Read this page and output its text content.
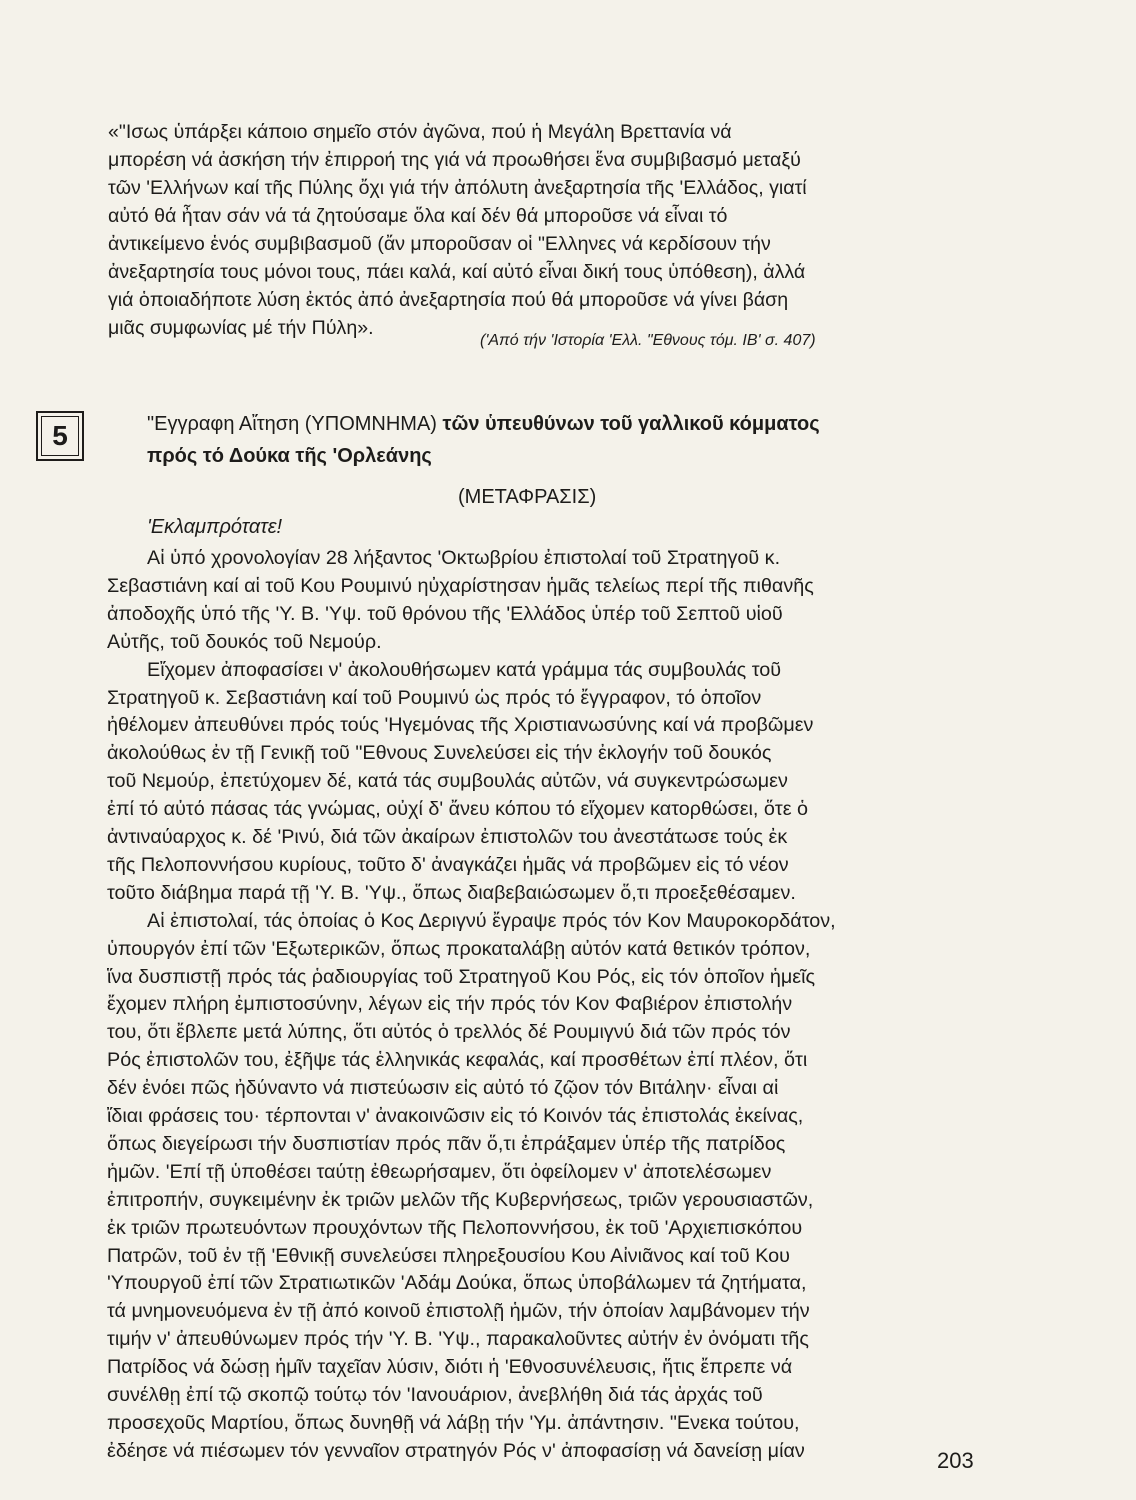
«"Ισως ὑπάρξει κάποιο σημεῖο στόν ἀγῶνα, πού ἡ Μεγάλη Βρεττανία νά
μπορέση νά ἀσκήση τήν ἐπιρροή της γιά νά προωθήσει ἕνα συμβιβασμό μεταξύ
τῶν 'Ελλήνων καί τῆς Πύλης ὄχι γιά τήν ἀπόλυτη ἀνεξαρτησία τῆς 'Ελλάδος, γιατί
αὐτό θά ἦταν σάν νά τά ζητούσαμε ὅλα καί δέν θά μποροῦσε νά εἶναι τό
ἀντικείμενο ἑνός συμβιβασμοῦ (ἄν μποροῦσαν οἱ "Ελληνες νά κερδίσουν τήν
ἀνεξαρτησία τους μόνοι τους, πάει καλά, καί αὐτό εἶναι δική τους ὑπόθεση), ἀλλά
γιά ὁποιαδήποτε λύση ἐκτός ἀπό ἀνεξαρτησία πού θά μποροῦσε νά γίνει βάση
μιᾶς συμφωνίας μέ τήν Πύλη».
('Από τήν 'Ιστορία 'Ελλ. "Εθνους τόμ. ΙΒ' σ. 407)
5	"Εγγραφη Αἴτηση (ΥΠΟΜΝΗΜΑ) τῶν ὑπευθύνων τοῦ γαλλικοῦ κόμματος
πρός τό Δούκα τῆς 'Ορλεάνης
(ΜΕΤΑΦΡΑΣΙΣ)
'Εκλαμπρότατε!
Αἱ ὑπό χρονολογίαν 28 λήξαντος 'Οκτωβρίου ἐπιστολαί τοῦ Στρατηγοῦ κ.
Σεβαστιάνη καί αἱ τοῦ Κου Ρουμινύ ηὐχαρίστησαν ἡμᾶς τελείως περί τῆς πιθανῆς
ἀποδοχῆς ὑπό τῆς 'Υ. Β. 'Υψ. τοῦ θρόνου τῆς 'Ελλάδος ὑπέρ τοῦ Σεπτοῦ υἱοῦ
Αὐτῆς, τοῦ δουκός τοῦ Νεμούρ.
Εἴχομεν ἀποφασίσει ν' ἀκολουθήσωμεν κατά γράμμα τάς συμβουλάς τοῦ
Στρατηγοῦ κ. Σεβαστιάνη καί τοῦ Ρουμινύ ὡς πρός τό ἔγγραφον, τό ὁποῖον
ἠθέλομεν ἀπευθύνει πρός τούς 'Ηγεμόνας τῆς Χριστιανωσύνης καί νά προβῶμεν
ἀκολούθως ἐν τῇ Γενικῇ τοῦ "Εθνους Συνελεύσει εἰς τήν ἐκλογήν τοῦ δουκός
τοῦ Νεμούρ, ἐπετύχομεν δέ, κατά τάς συμβουλάς αὐτῶν, νά συγκεντρώσωμεν
ἐπί τό αὐτό πάσας τάς γνώμας, οὐχί δ' ἄνευ κόπου τό εἴχομεν κατορθώσει, ὅτε ὁ
ἀντιναύαρχος κ. δέ 'Ρινύ, διά τῶν ἀκαίρων ἐπιστολῶν του ἀνεστάτωσε τούς ἐκ
τῆς Πελοποννήσου κυρίους, τοῦτο δ' ἀναγκάζει ἡμᾶς νά προβῶμεν εἰς τό νέον
τοῦτο διάβημα παρά τῇ 'Υ. Β. 'Υψ., ὅπως διαβεβαιώσωμεν ὅ,τι προεξεθέσαμεν.
Αἱ ἐπιστολαί, τάς ὁποίας ὁ Κος Δεριγνύ ἔγραψε πρός τόν Κον Μαυροκορδάτον,
ὑπουργόν ἐπί τῶν 'Εξωτερικῶν, ὅπως προκαταλάβῃ αὐτόν κατά θετικόν τρόπον,
ἵνα δυσπιστῇ πρός τάς ῥαδιουργίας τοῦ Στρατηγοῦ Κου Ρός, εἰς τόν ὁποῖον ἡμεῖς
ἔχομεν πλήρη ἐμπιστοσύνην, λέγων εἰς τήν πρός τόν Κον Φαβιέρον ἐπιστολήν
του, ὅτι ἔβλεπε μετά λύπης, ὅτι αὐτός ὁ τρελλός δέ Ρουμιγνύ διά τῶν πρός τόν
Ρός ἐπιστολῶν του, ἐξῆψε τάς ἑλληνικάς κεφαλάς, καί προσθέτων ἐπί πλέον, ὅτι
δέν ἐνόει πῶς ἠδύναντο νά πιστεύωσιν εἰς αὐτό τό ζῷον τόν Βιτάλην· εἶναι αἱ
ἴδιαι φράσεις του· τέρπονται ν' ἀνακοινῶσιν εἰς τό Κοινόν τάς ἐπιστολάς ἐκείνας,
ὅπως διεγείρωσι τήν δυσπιστίαν πρός πᾶν ὅ,τι ἐπράξαμεν ὑπέρ τῆς πατρίδος
ἡμῶν. 'Επί τῇ ὑποθέσει ταύτῃ ἐθεωρήσαμεν, ὅτι ὀφείλομεν ν' ἀποτελέσωμεν
ἐπιτροπήν, συγκειμένην ἐκ τριῶν μελῶν τῆς Κυβερνήσεως, τριῶν γερουσιαστῶν,
ἐκ τριῶν πρωτευόντων προυχόντων τῆς Πελοποννήσου, ἐκ τοῦ 'Αρχιεπισκόπου
Πατρῶν, τοῦ ἐν τῇ 'Εθνικῇ συνελεύσει πληρεξουσίου Κου Αἰνιᾶνος καί τοῦ Κου
'Υπουργοῦ ἐπί τῶν Στρατιωτικῶν 'Αδάμ Δούκα, ὅπως ὑποβάλωμεν τά ζητήματα,
τά μνημονευόμενα ἐν τῇ ἀπό κοινοῦ ἐπιστολῇ ἡμῶν, τήν ὁποίαν λαμβάνομεν τήν
τιμήν ν' ἀπευθύνωμεν πρός τήν 'Υ. Β. 'Υψ., παρακαλοῦντες αὐτήν ἐν ὀνόματι τῆς
Πατρίδος νά δώσῃ ἡμῖν ταχεῖαν λύσιν, διότι ἡ 'Εθνοσυνέλευσις, ἥτις ἔπρεπε νά
συνέλθῃ ἐπί τῷ σκοπῷ τούτῳ τόν 'Ιανουάριον, ἀνεβλήθη διά τάς ἀρχάς τοῦ
προσεχοῦς Μαρτίου, ὅπως δυνηθῇ νά λάβῃ τήν 'Υμ. ἀπάντησιν. "Ενεκα τούτου,
ἐδέησε νά πιέσωμεν τόν γενναῖον στρατηγόν Ρός ν' ἀποφασίσῃ νά δανείσῃ μίαν	203
